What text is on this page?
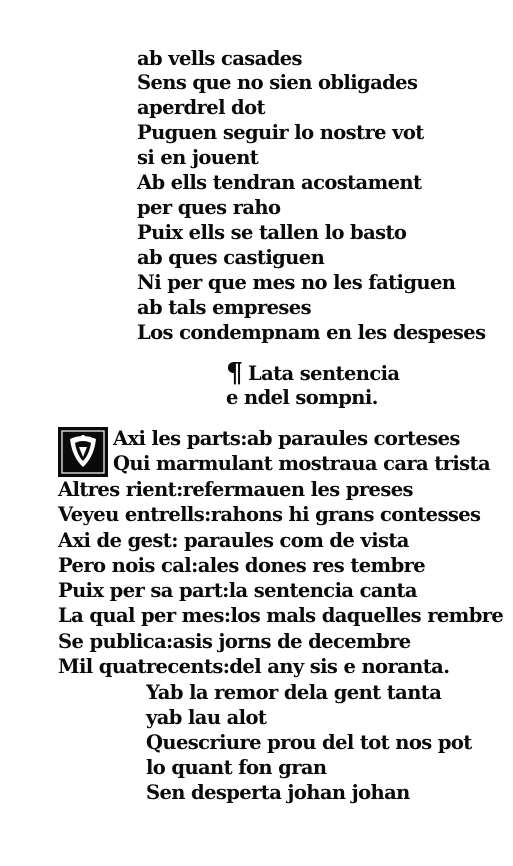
ab vells casades
Sens que no sien obligades
aperdrel dot
Puguen seguir lo nostre vot
si en jouent
Ab ells tendran acostament
per ques raho
Puix ells se tallen lo basto
ab ques castiguen
Ni per que mes no les fatiguen
ab tals empreses
Los condempnam en les despeses
¶ Lata sentencia
e ndel sompni.
Axi les parts:ab paraules corteses
Qui marmulant mostraua cara trista
Altres rient:refermauen les preses
Veyeu entrells:rahons hi grans contesses
Axi de gest: paraules com de vista
Pero nois cal:ales dones res tembre
Puix per sa part:la sentencia canta
La qual per mes:los mals daquelles rembre
Se publica:asis jorns de decembre
Mil quatrecents:del any sis e noranta.
Yab la remor dela gent tanta
yab lau alot
Quescriure prou del tot nos pot
lo quant fon gran
Sen desperta johan johan
